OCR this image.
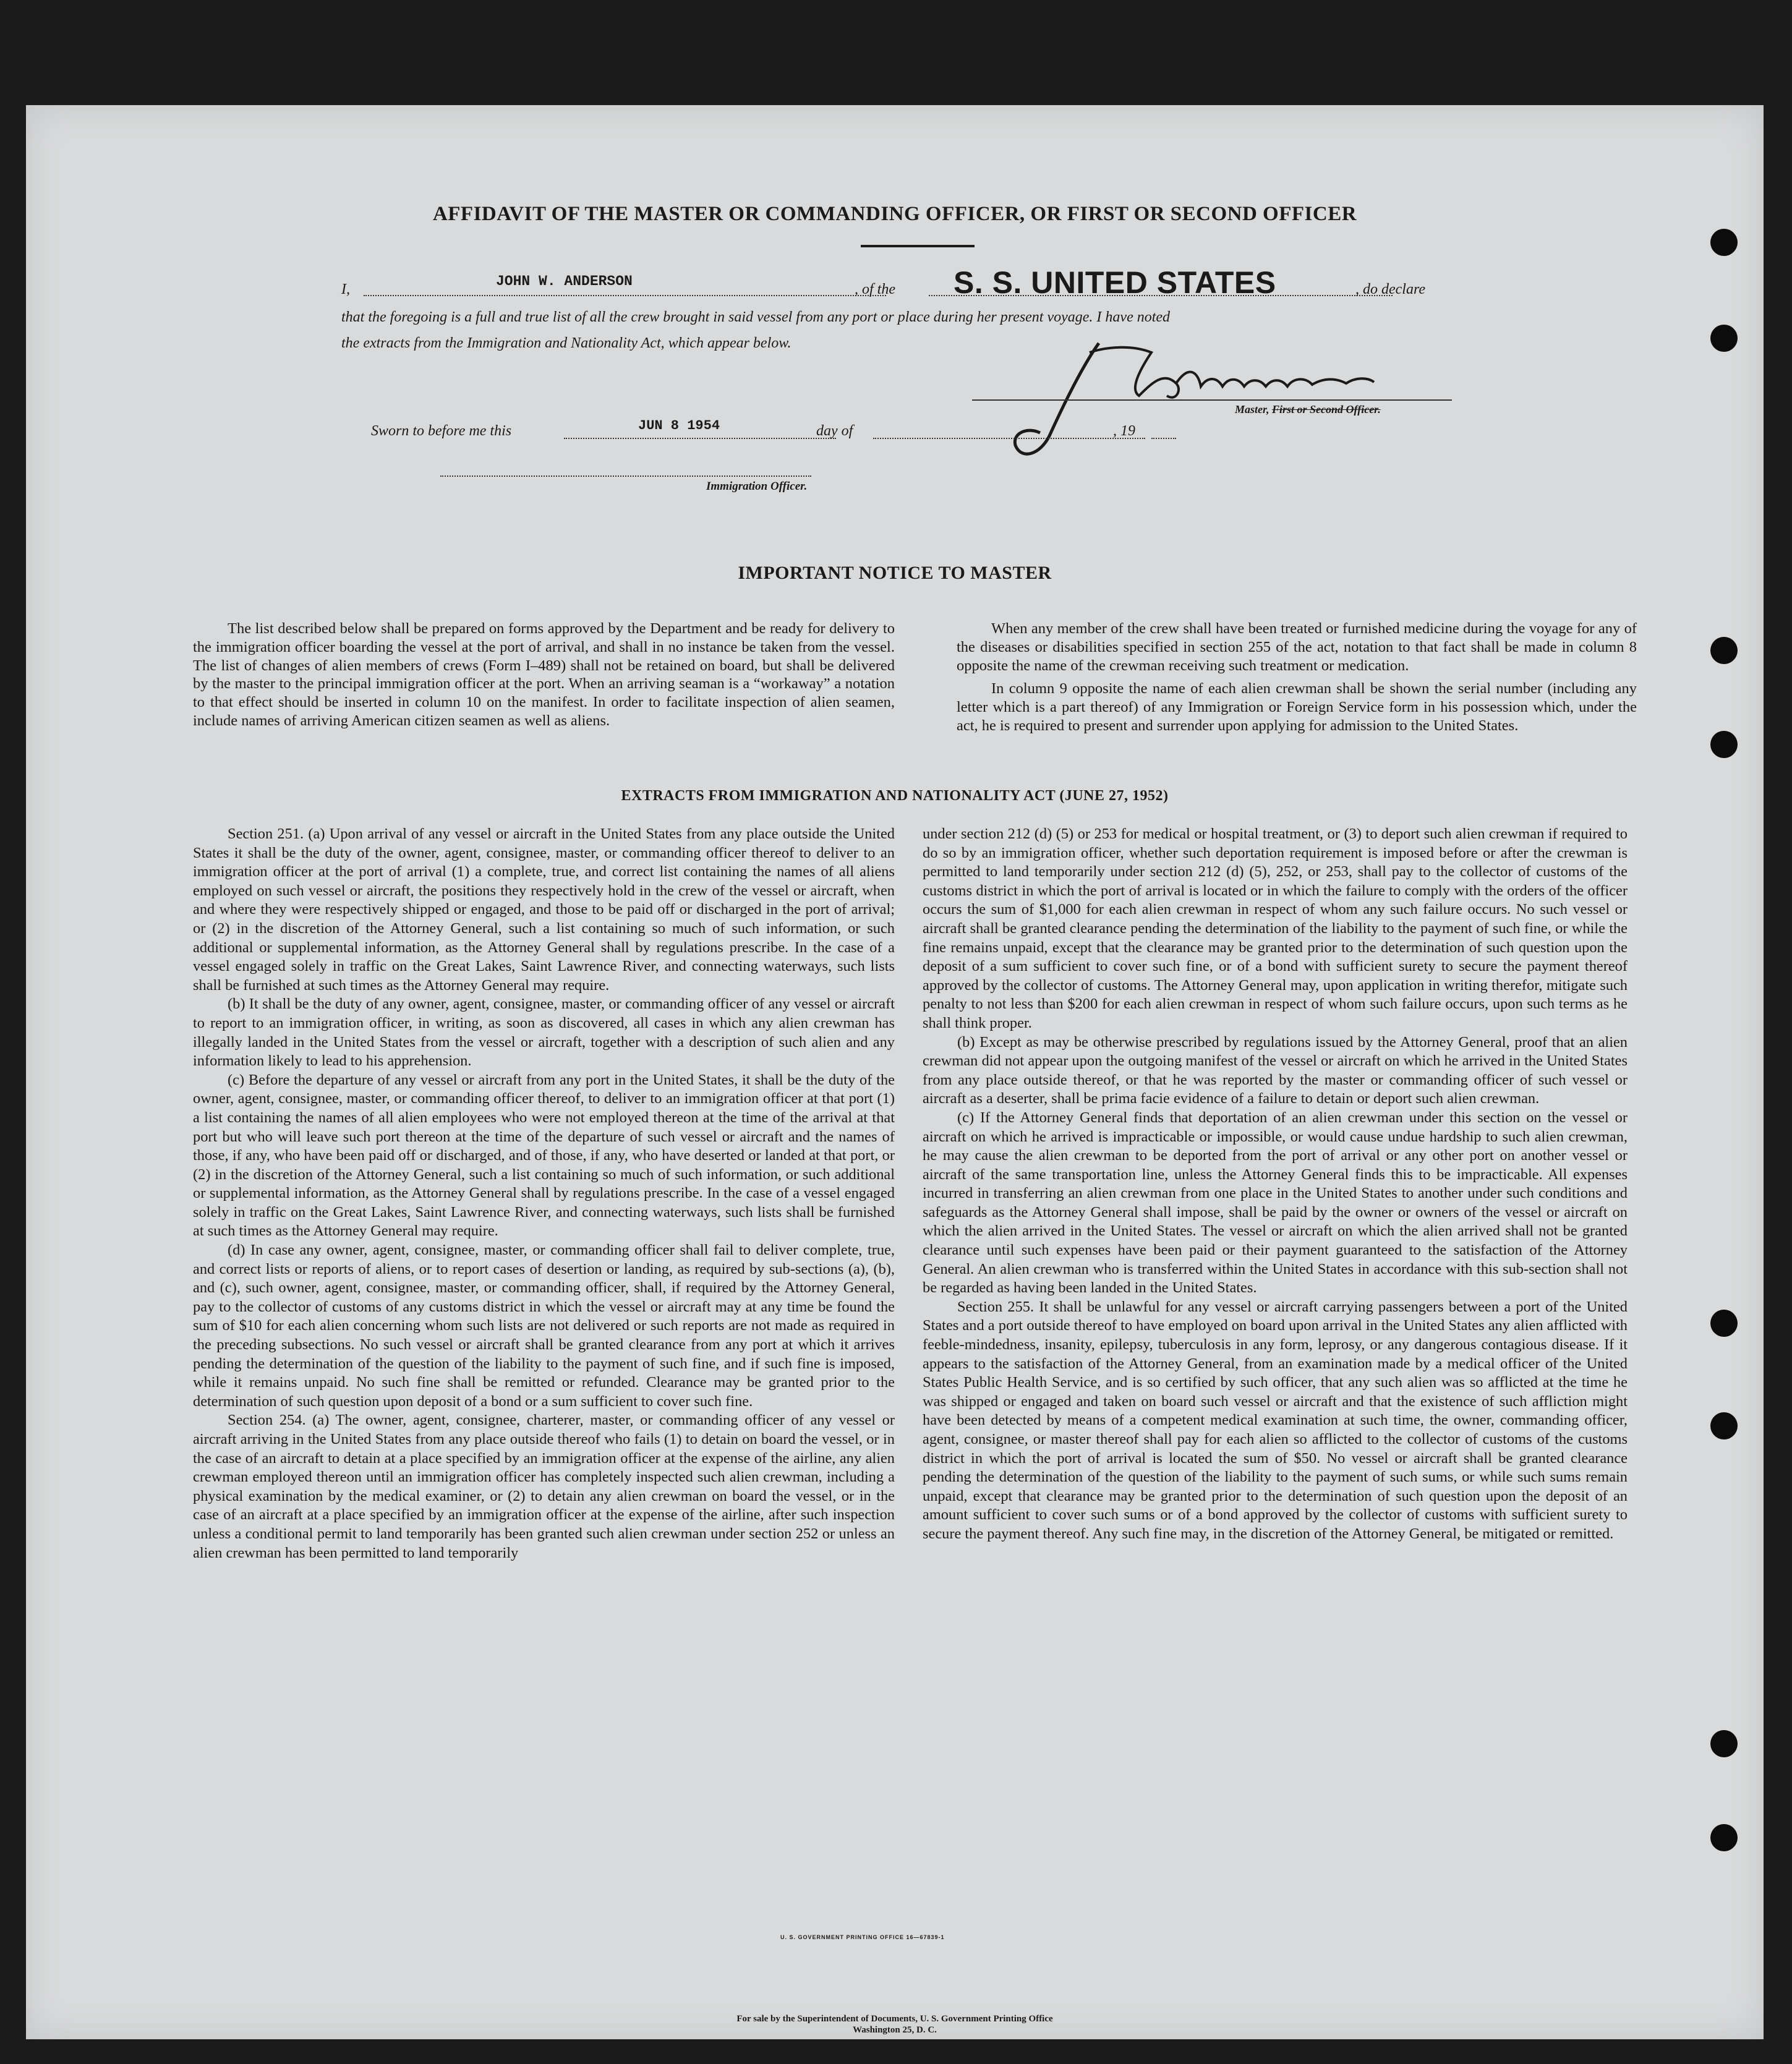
AFFIDAVIT OF THE MASTER OR COMMANDING OFFICER, OR FIRST OR SECOND OFFICER
I,	JOHN W. ANDERSON	, of the S. S. UNITED STATES	, do declare
that the foregoing is a full and true list of all the crew brought in said vessel from any port or place during her present voyage. I have noted
the extracts from the Immigration and Nationality Act, which appear below.
Master, First or Second Officer.
Sworn to before me this	JUN 8 1954	day of	, 19
Immigration Officer.
IMPORTANT NOTICE TO MASTER

The list described below shall be prepared on forms approved by the Department and be ready for delivery to the immigration officer boarding the vessel at the port of arrival, and shall in no instance be taken from the vessel. The list of changes of alien members of crews (Form I–489) shall not be retained on board, but shall be delivered by the master to the principal immigration officer at the port. When an arriving seaman is a “workaway” a notation to that effect should be inserted in column 10 on the manifest. In order to facilitate inspection of alien seamen, include names of arriving American citizen seamen as well as aliens.

When any member of the crew shall have been treated or furnished medicine during the voyage for any of the diseases or disabilities specified in section 255 of the act, notation to that fact shall be made in column 8 opposite the name of the crewman receiving such treatment or medication.

In column 9 opposite the name of each alien crewman shall be shown the serial number (including any letter which is a part thereof) of any Immigration or Foreign Service form in his possession which, under the act, he is required to present and surrender upon applying for admission to the United States.

EXTRACTS FROM IMMIGRATION AND NATIONALITY ACT (JUNE 27, 1952)

Section 251. (a) Upon arrival of any vessel or aircraft in the United States from any place outside the United States it shall be the duty of the owner, agent, consignee, master, or commanding officer thereof to deliver to an immigration officer at the port of arrival (1) a complete, true, and correct list containing the names of all aliens employed on such vessel or aircraft, the positions they respectively hold in the crew of the vessel or aircraft, when and where they were respectively shipped or engaged, and those to be paid off or discharged in the port of arrival; or (2) in the discretion of the Attorney General, such a list containing so much of such information, or such additional or supplemental information, as the Attorney General shall by regulations prescribe. In the case of a vessel engaged solely in traffic on the Great Lakes, Saint Lawrence River, and connecting waterways, such lists shall be furnished at such times as the Attorney General may require.

(b) It shall be the duty of any owner, agent, consignee, master, or commanding officer of any vessel or aircraft to report to an immigration officer, in writing, as soon as discovered, all cases in which any alien crewman has illegally landed in the United States from the vessel or aircraft, together with a description of such alien and any information likely to lead to his apprehension.

(c) Before the departure of any vessel or aircraft from any port in the United States, it shall be the duty of the owner, agent, consignee, master, or commanding officer thereof, to deliver to an immigration officer at that port (1) a list containing the names of all alien employees who were not employed thereon at the time of the arrival at that port but who will leave such port thereon at the time of the departure of such vessel or aircraft and the names of those, if any, who have been paid off or discharged, and of those, if any, who have deserted or landed at that port, or (2) in the discretion of the Attorney General, such a list containing so much of such information, or such additional or supplemental information, as the Attorney General shall by regulations prescribe. In the case of a vessel engaged solely in traffic on the Great Lakes, Saint Lawrence River, and connecting waterways, such lists shall be furnished at such times as the Attorney General may require.

(d) In case any owner, agent, consignee, master, or commanding officer shall fail to deliver complete, true, and correct lists or reports of aliens, or to report cases of desertion or landing, as required by sub-sections (a), (b), and (c), such owner, agent, consignee, master, or commanding officer, shall, if required by the Attorney General, pay to the collector of customs of any customs district in which the vessel or aircraft may at any time be found the sum of $10 for each alien concerning whom such lists are not delivered or such reports are not made as required in the preceding subsections. No such vessel or aircraft shall be granted clearance from any port at which it arrives pending the determination of the question of the liability to the payment of such fine, and if such fine is imposed, while it remains unpaid. No such fine shall be remitted or refunded. Clearance may be granted prior to the determination of such question upon deposit of a bond or a sum sufficient to cover such fine.

Section 254. (a) The owner, agent, consignee, charterer, master, or commanding officer of any vessel or aircraft arriving in the United States from any place outside thereof who fails (1) to detain on board the vessel, or in the case of an aircraft to detain at a place specified by an immigration officer at the expense of the airline, any alien crewman employed thereon until an immigration officer has completely inspected such alien crewman, including a physical examination by the medical examiner, or (2) to detain any alien crewman on board the vessel, or in the case of an aircraft at a place specified by an immigration officer at the expense of the airline, after such inspection unless a conditional permit to land temporarily has been granted such alien crewman under section 252 or unless an alien crewman has been permitted to land temporarily

under section 212 (d) (5) or 253 for medical or hospital treatment, or (3) to deport such alien crewman if required to do so by an immigration officer, whether such deportation requirement is imposed before or after the crewman is permitted to land temporarily under section 212 (d) (5), 252, or 253, shall pay to the collector of customs of the customs district in which the port of arrival is located or in which the failure to comply with the orders of the officer occurs the sum of $1,000 for each alien crewman in respect of whom any such failure occurs. No such vessel or aircraft shall be granted clearance pending the determination of the liability to the payment of such fine, or while the fine remains unpaid, except that the clearance may be granted prior to the determination of such question upon the deposit of a sum sufficient to cover such fine, or of a bond with sufficient surety to secure the payment thereof approved by the collector of customs. The Attorney General may, upon application in writing therefor, mitigate such penalty to not less than $200 for each alien crewman in respect of whom such failure occurs, upon such terms as he shall think proper.

(b) Except as may be otherwise prescribed by regulations issued by the Attorney General, proof that an alien crewman did not appear upon the outgoing manifest of the vessel or aircraft on which he arrived in the United States from any place outside thereof, or that he was reported by the master or commanding officer of such vessel or aircraft as a deserter, shall be prima facie evidence of a failure to detain or deport such alien crewman.

(c) If the Attorney General finds that deportation of an alien crewman under this section on the vessel or aircraft on which he arrived is impracticable or impossible, or would cause undue hardship to such alien crewman, he may cause the alien crewman to be deported from the port of arrival or any other port on another vessel or aircraft of the same transportation line, unless the Attorney General finds this to be impracticable. All expenses incurred in transferring an alien crewman from one place in the United States to another under such conditions and safeguards as the Attorney General shall impose, shall be paid by the owner or owners of the vessel or aircraft on which the alien arrived in the United States. The vessel or aircraft on which the alien arrived shall not be granted clearance until such expenses have been paid or their payment guaranteed to the satisfaction of the Attorney General. An alien crewman who is transferred within the United States in accordance with this sub-section shall not be regarded as having been landed in the United States.

Section 255. It shall be unlawful for any vessel or aircraft carrying passengers between a port of the United States and a port outside thereof to have employed on board upon arrival in the United States any alien afflicted with feeble-mindedness, insanity, epilepsy, tuberculosis in any form, leprosy, or any dangerous contagious disease. If it appears to the satisfaction of the Attorney General, from an examination made by a medical officer of the United States Public Health Service, and is so certified by such officer, that any such alien was so afflicted at the time he was shipped or engaged and taken on board such vessel or aircraft and that the existence of such affliction might have been detected by means of a competent medical examination at such time, the owner, commanding officer, agent, consignee, or master thereof shall pay for each alien so afflicted to the collector of customs of the customs district in which the port of arrival is located the sum of $50. No vessel or aircraft shall be granted clearance pending the determination of the question of the liability to the payment of such sums, or while such sums remain unpaid, except that clearance may be granted prior to the determination of such question upon the deposit of an amount sufficient to cover such sums or of a bond approved by the collector of customs with sufficient surety to secure the payment thereof. Any such fine may, in the discretion of the Attorney General, be mitigated or remitted.

U. S. GOVERNMENT PRINTING OFFICE 16—67839-1
For sale by the Superintendent of Documents, U. S. Government Printing Office
Washington 25, D. C.
